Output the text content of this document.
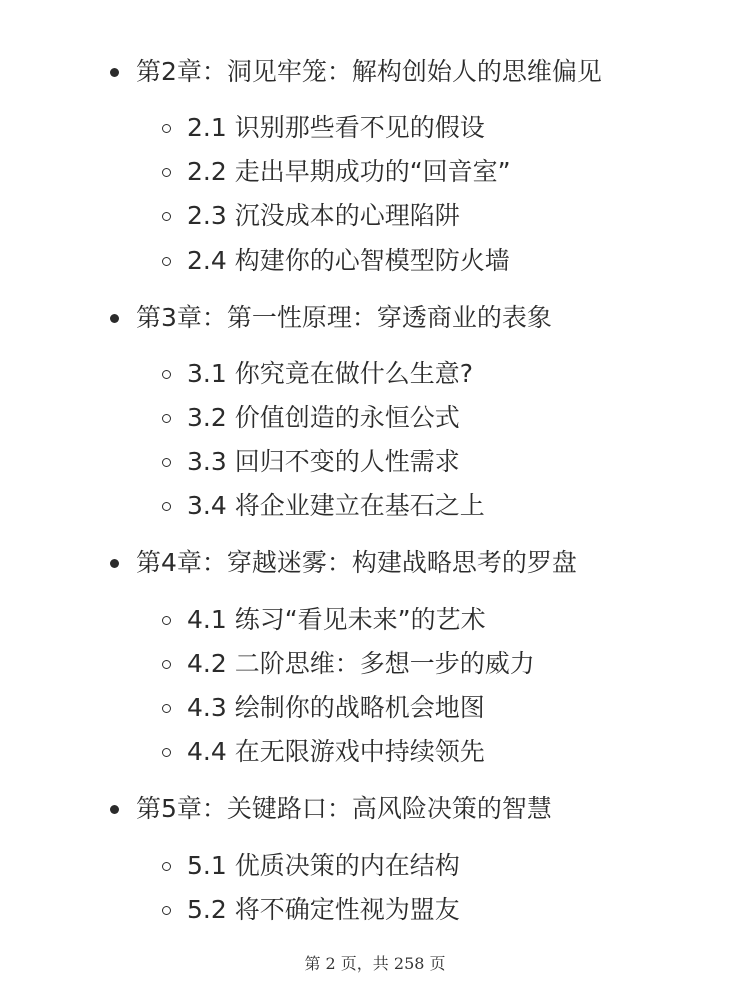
第2章：洞见牢笼：解构创始人的思维偏见
2.1 识别那些看不见的假设
2.2 走出早期成功的“回音室”
2.3 沉没成本的心理陷阱
2.4 构建你的心智模型防火墙
第3章：第一性原理：穿透商业的表象
3.1 你究竟在做什么生意?
3.2 价值创造的永恒公式
3.3 回归不变的人性需求
3.4 将企业建立在基石之上
第4章：穿越迷雾：构建战略思考的罗盘
4.1 练习“看见未来”的艺术
4.2 二阶思维：多想一步的威力
4.3 绘制你的战略机会地图
4.4 在无限游戏中持续领先
第5章：关键路口：高风险决策的智慧
5.1 优质决策的内在结构
5.2 将不确定性视为盟友
第 2 页，共 258 页
